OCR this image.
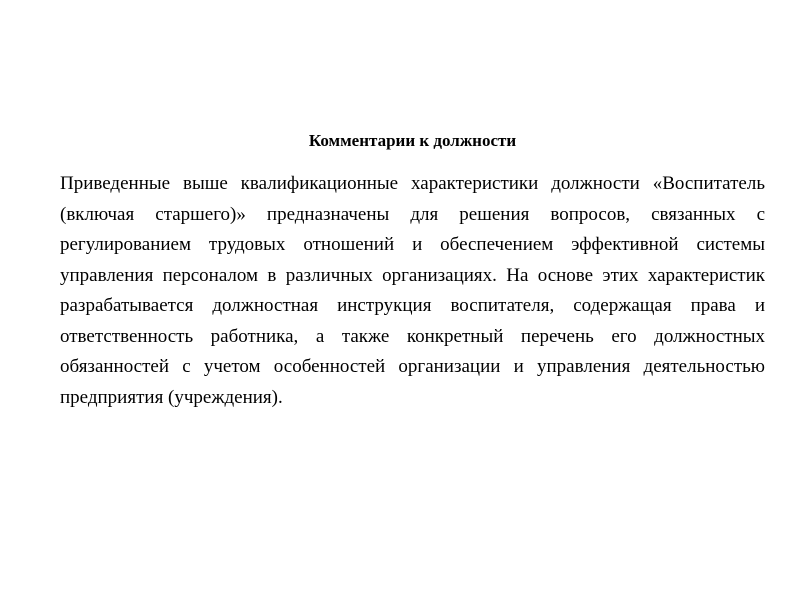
Комментарии к должности

Приведенные выше квалификационные характеристики должности «Воспитатель (включая старшего)» предназначены для решения вопросов, связанных с регулированием трудовых отношений и обеспечением эффективной системы управления персоналом в различных организациях. На основе этих характеристик разрабатывается должностная инструкция воспитателя, содержащая права и ответственность работника, а также конкретный перечень его должностных обязанностей с учетом особенностей организации и управления деятельностью предприятия (учреждения).
